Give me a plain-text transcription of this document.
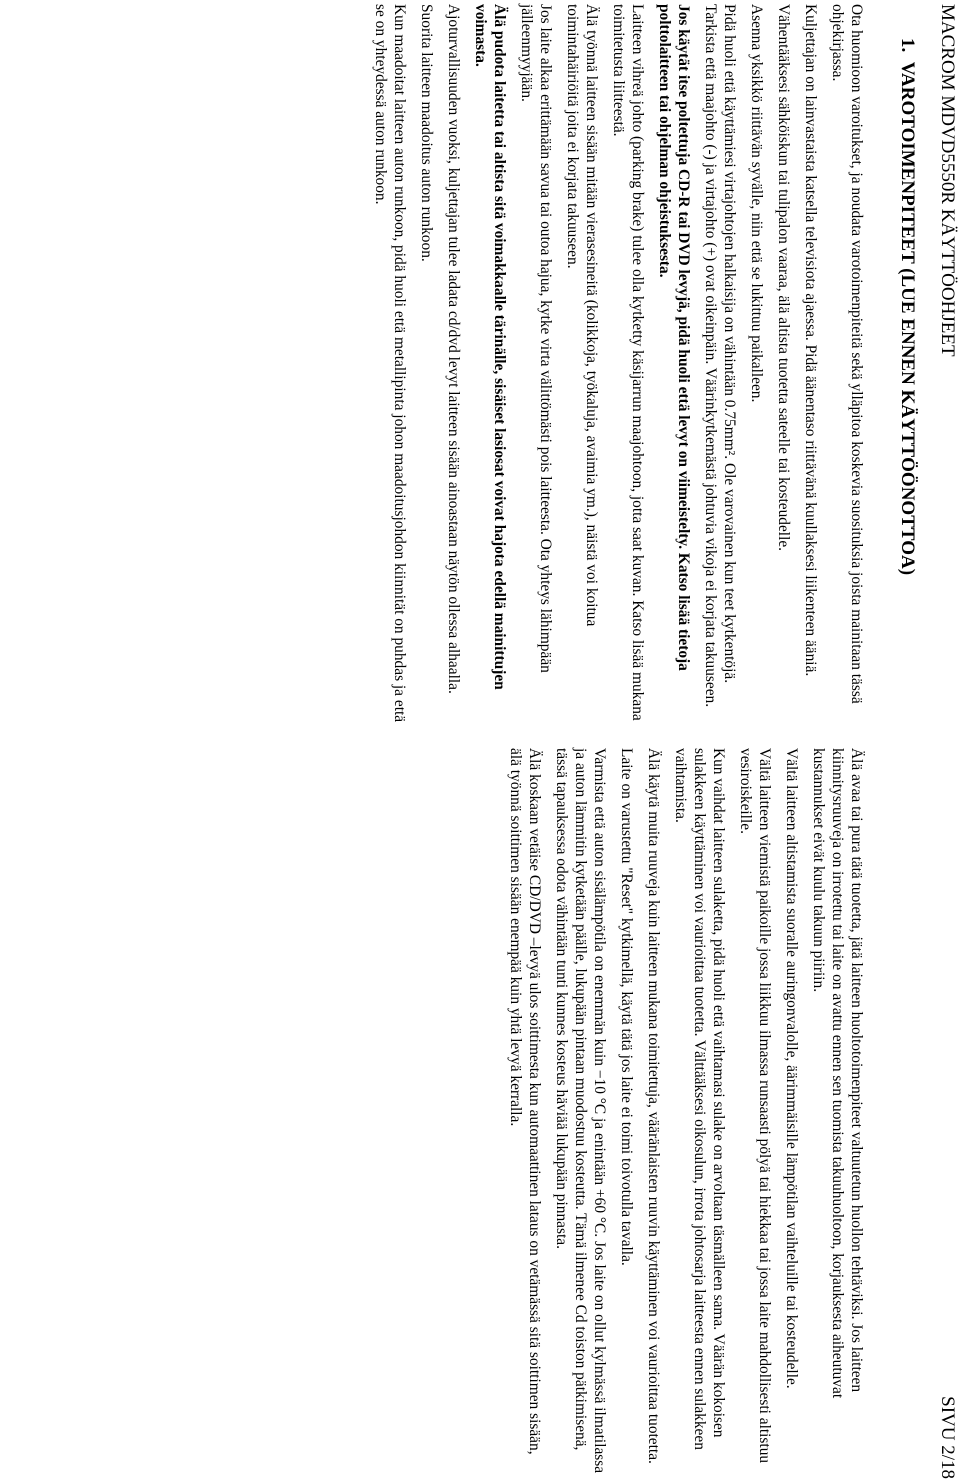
MACROM MDVD5550R KÄYTTÖOHJEET
SIVU 2/18
1.  VAROTOIMENPITEET (LUE ENNEN KÄYTTÖÖNOTTOA)

Ota huomioon varoitukset, ja noudata varotoimenpiteitä sekä ylläpitoa koskevia suosituksia joista mainitaan tässä ohjekirjassa.

Kuljettajan on lainvastaista katsella televisiota ajaessa. Pidä äänentaso riittävänä kuullaksesi liikenteen ääniä.

Vähentääksesi sähköiskun tai tulipalon vaaraa, älä altista tuotetta sateelle tai kosteudelle.

Asenna yksikkö riittävän syvälle, niin että se lukittuu paikalleen.

Pidä huoli että käyttämiesi virtajohtojen halkaisija on vähintään 0.75mm². Ole varovainen kun teet kytkentöjä. Tarkista että maajohto (-) ja virtajohto (+) ovat oikeinpäin. Väärinkytkemästä johtuvia vikoja ei korjata takuuseen.

Jos käytät itse poltettuja CD-R tai DVD levyjä, pidä huoli että levyt on viimeistelty. Katso lisää tietoja polttolaitteen tai ohjelman ohjeistuksesta.

Laitteen vihreä johto (parking brake) tulee olla kytketty käsijarrun maajohtoon, jotta saat kuvan. Katso lisää mukana toimitetusta liitteestä.

Älä työnnä laitteen sisään mitään vierasesineitä (kolikkoja, työkaluja, avaimia ym.), näistä voi koitua toimintahäiriöitä joita ei korjata takuuseen.

Jos laite alkaa erittämään savua tai outoa hajua, kytke virta välittömästi pois laitteesta. Ota yhteys lähimpään jälleenmyyjään.

Älä pudota laitetta tai altista sitä voimakkaalle tärinälle, sisäiset lasiosat voivat hajota edellä mainittujen voimasta.

Ajoturvallisuuden vuoksi, kuljettajan tulee ladata cd/dvd levyt laitteen sisään ainoastaan näytön ollessa alhaalla.

Suorita laitteen maadoitus auton runkoon.

Kun maadoitat laitteen auton runkoon, pidä huoli että metallipinta johon maadoitusjohdon kiinnität on puhdas ja että se on yhteydessä auton runkoon.

Älä avaa tai pura tätä tuotetta, jätä laitteen huoltotoimenpiteet valtuutetun huollon tehtäviksi. Jos laitteen kiinnitysruuveja on irrotettu tai laite on avattu ennen sen tuomista takuuhuoltoon, korjauksesta aiheutuvat kustannukset eivät kuulu takuun piiriin.

Vältä laitteen altistamista suoralle auringonvalolle, äärimmäisille lämpötilan vaihteluille tai kosteudelle.

Vältä laitteen viemistä paikoille jossa liikkuu ilmassa runsaasti pölyä tai hiekkaa tai jossa laite mahdollisesti altistuu vesiroiskeille.

Kun vaihdat laitteen sulaketta, pidä huoli että vaihtamasi sulake on arvoltaan täsmälleen sama. Väärän kokoisen sulakkeen käyttäminen voi vaurioittaa tuotetta. Välttääksesi oikosulun, irrota johtosarja laitteesta ennen sulakkeen vaihtamista.

Älä käytä muita ruuveja kuin laitteen mukana toimitettuja, vääränlaisten ruuvin käyttäminen voi vaurioittaa tuotetta.

Laite on varustettu "Reset" kytkimellä, käytä tätä jos laite ei toimi toivotulla tavalla.

Varmista että auton sisälämpötila on enemmän kuin −10 °C ja enintään +60 °C. Jos laite on ollut kylmässä ilmatilassa ja auton lämmitin kytketään päälle, lukupään pintaan muodostuu kosteutta. Tämä ilmenee Cd toiston pätkimisenä, tässä tapauksessa odota vähintään tunti kunnes kosteus häviää lukupään pinnasta.

Älä koskaan vetäise CD/DVD –levyä ulos soittimesta kun automaattinen lataus on vetämässä sitä soittimen sisään, älä työnnä soittimen sisään enempää kuin yhtä levyä kerralla.
